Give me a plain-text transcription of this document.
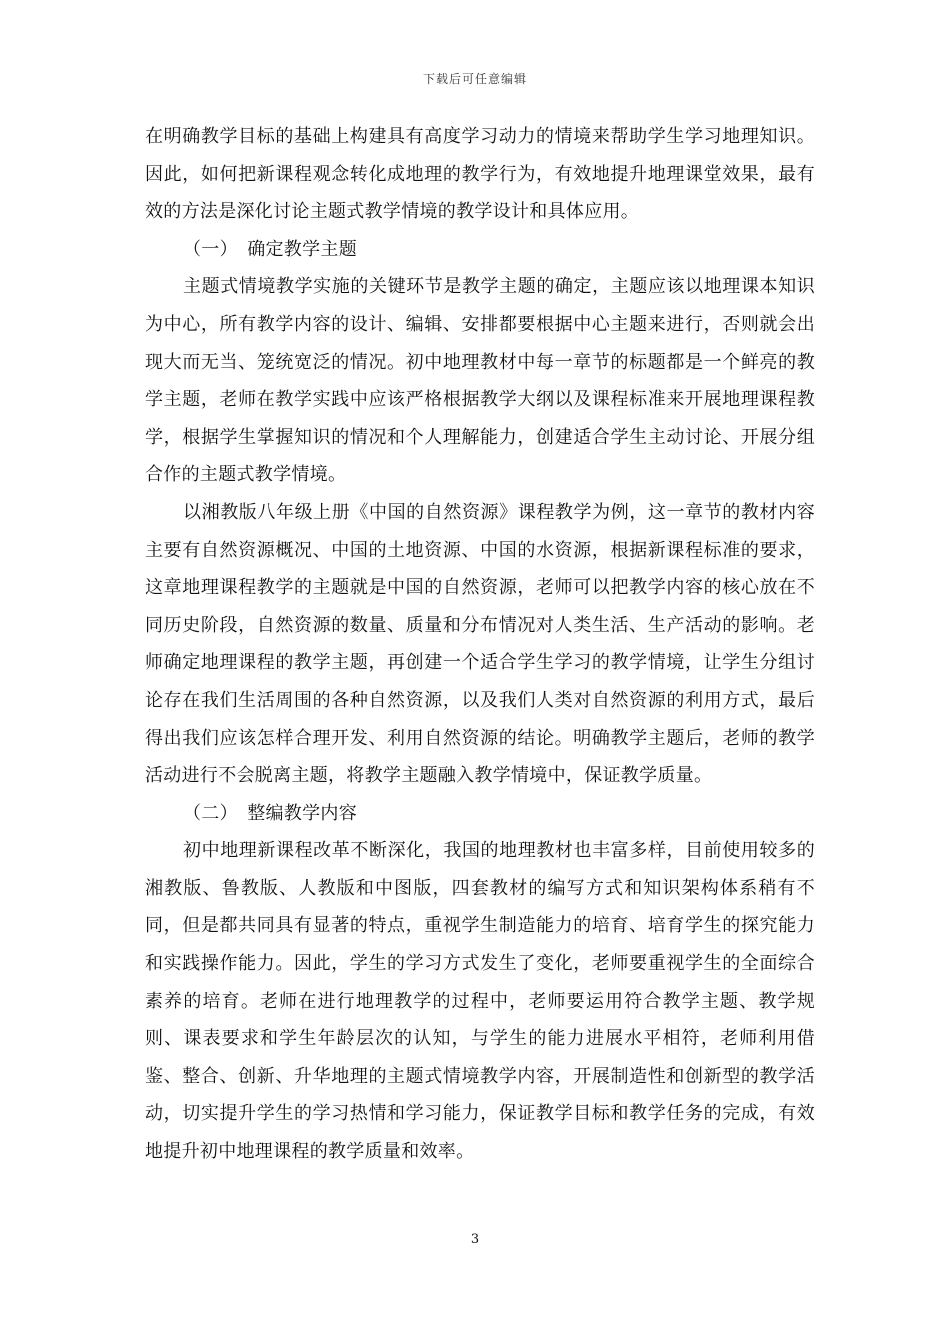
下载后可任意编辑

在明确教学目标的基础上构建具有高度学习动力的情境来帮助学生学习地理知识。因此，如何把新课程观念转化成地理的教学行为，有效地提升地理课堂效果，最有效的方法是深化讨论主题式教学情境的教学设计和具体应用。

（一）　确定教学主题

主题式情境教学实施的关键环节是教学主题的确定，主题应该以地理课本知识为中心，所有教学内容的设计、编辑、安排都要根据中心主题来进行，否则就会出现大而无当、笼统宽泛的情况。初中地理教材中每一章节的标题都是一个鲜亮的教学主题，老师在教学实践中应该严格根据教学大纲以及课程标准来开展地理课程教学，根据学生掌握知识的情况和个人理解能力，创建适合学生主动讨论、开展分组合作的主题式教学情境。

以湘教版八年级上册《中国的自然资源》课程教学为例，这一章节的教材内容主要有自然资源概况、中国的土地资源、中国的水资源，根据新课程标准的要求，这章地理课程教学的主题就是中国的自然资源，老师可以把教学内容的核心放在不同历史阶段，自然资源的数量、质量和分布情况对人类生活、生产活动的影响。老师确定地理课程的教学主题，再创建一个适合学生学习的教学情境，让学生分组讨论存在我们生活周围的各种自然资源，以及我们人类对自然资源的利用方式，最后得出我们应该怎样合理开发、利用自然资源的结论。明确教学主题后，老师的教学活动进行不会脱离主题，将教学主题融入教学情境中，保证教学质量。

（二）　整编教学内容

初中地理新课程改革不断深化，我国的地理教材也丰富多样，目前使用较多的湘教版、鲁教版、人教版和中图版，四套教材的编写方式和知识架构体系稍有不同，但是都共同具有显著的特点，重视学生制造能力的培育、培育学生的探究能力和实践操作能力。因此，学生的学习方式发生了变化，老师要重视学生的全面综合素养的培育。老师在进行地理教学的过程中，老师要运用符合教学主题、教学规则、课表要求和学生年龄层次的认知，与学生的能力进展水平相符，老师利用借鉴、整合、创新、升华地理的主题式情境教学内容，开展制造性和创新型的教学活动，切实提升学生的学习热情和学习能力，保证教学目标和教学任务的完成，有效地提升初中地理课程的教学质量和效率。

3
